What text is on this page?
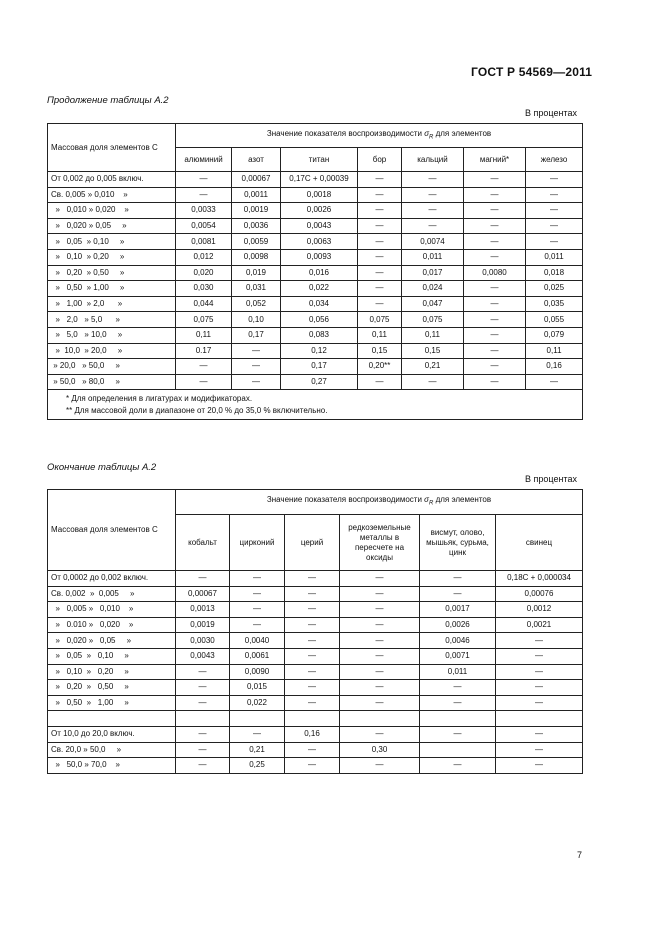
ГОСТ Р 54569—2011
Продолжение таблицы А.2
В процентах
Массовая доля элементов С	Значение показателя воспроизводимости $\sigma_R$ для элементов						
	алюминий	азот	титан	бор	кальций	магний*	железо
От 0,002 до 0,005 включ.	—	0,00067	0,17С + 0,00039	—	—	—	—
Св. 0,005 » 0,010    »	—	0,0011	0,0018	—	—	—	—
»   0,010 » 0,020    »	0,0033	0,0019	0,0026	—	—	—	—
»   0,020 » 0,05     »	0,0054	0,0036	0,0043	—	—	—	—
»   0,05  » 0,10     »	0,0081	0,0059	0,0063	—	0,0074	—	—
»   0,10  » 0,20     »	0,012	0,0098	0,0093	—	0,011	—	0,011
»   0,20  » 0,50     »	0,020	0,019	0,016	—	0,017	0,0080	0,018
»   0,50  » 1,00     »	0,030	0,031	0,022	—	0,024	—	0,025
»   1,00  » 2,0      »	0,044	0,052	0,034	—	0,047	—	0,035
»   2,0   » 5,0      »	0,075	0,10	0,056	0,075	0,075	—	0,055
»   5,0   » 10,0     »	0,11	0,17	0,083	0,11	0,11	—	0,079
»  10,0  » 20,0     »	0.17	—	0,12	0,15	0,15	—	0,11
» 20,0   » 50,0     »	—	—	0,17	0,20**	0,21	—	0,16
» 50,0   » 80,0     »	—	—	0,27	—	—	—	—

* Для определения в лигатурах и модификаторах.
** Для массовой доли в диапазоне от 20,0 % до 35,0 % включительно.							
Окончание таблицы А.2
В процентах
Массовая доля элементов С	Значение показателя воспроизводимости $\sigma_R$ для элементов					
	кобальт	цирконий	церий	редкоземельные металлы в пересчете на оксиды	висмут, олово, мышьяк, сурьма, цинк	свинец
От 0,0002 до 0,002 включ.	—	—	—	—	—	0,18С + 0,000034
Св. 0,002  »  0,005     »	0,00067	—	—	—	—	0,00076
»   0,005 »   0,010    »	0,0013	—	—	—	0,0017	0,0012
»   0.010 »   0,020    »	0,0019	—	—	—	0,0026	0,0021
»   0,020 »   0,05     »	0,0030	0,0040	—	—	0,0046	—
»   0,05  »   0,10     »	0,0043	0,0061	—	—	0,0071	—
»   0,10  »   0,20     »	—	0,0090	—	—	0,011	—
»   0,20  »   0,50     »	—	0,015	—	—	—	—
»   0,50  »   1,00     »	—	0,022	—	—	—	—

От 10,0 до 20,0 включ.	—	—	0,16	—	—	—
Св. 20,0 » 50,0     »	—	0,21	—	0,30		—
»   50,0 » 70,0    »	—	0,25	—	—	—	—
7
